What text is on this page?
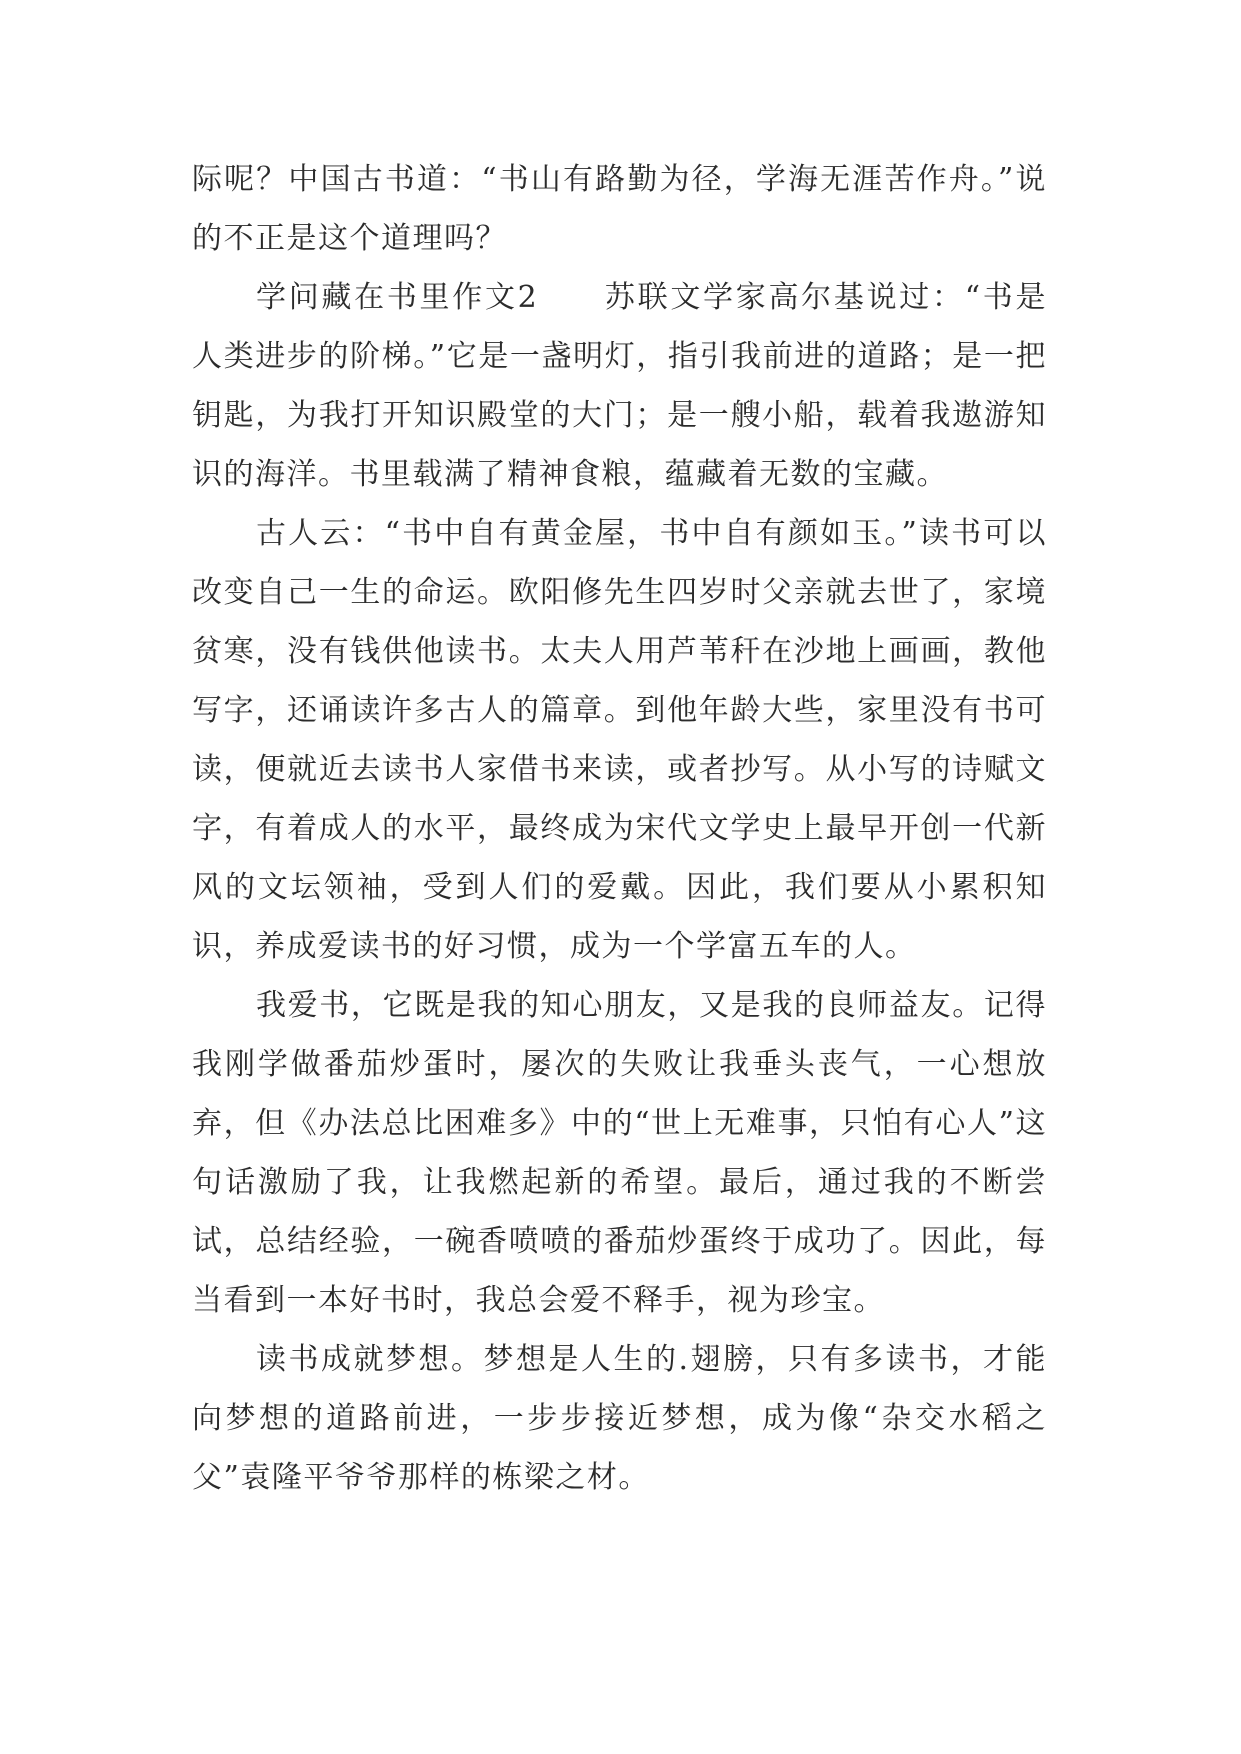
际呢？中国古书道：“书山有路勤为径，学海无涯苦作舟。”说的不正是这个道理吗？

学问藏在书里作文2　　苏联文学家高尔基说过：“书是人类进步的阶梯。”它是一盏明灯，指引我前进的道路；是一把钥匙，为我打开知识殿堂的大门；是一艘小船，载着我遨游知识的海洋。书里载满了精神食粮，蕴藏着无数的宝藏。

古人云：“书中自有黄金屋，书中自有颜如玉。”读书可以改变自己一生的命运。欧阳修先生四岁时父亲就去世了，家境贫寒，没有钱供他读书。太夫人用芦苇秆在沙地上画画，教他写字，还诵读许多古人的篇章。到他年龄大些，家里没有书可读，便就近去读书人家借书来读，或者抄写。从小写的诗赋文字，有着成人的水平，最终成为宋代文学史上最早开创一代新风的文坛领袖，受到人们的爱戴。因此，我们要从小累积知识，养成爱读书的好习惯，成为一个学富五车的人。

我爱书，它既是我的知心朋友，又是我的良师益友。记得我刚学做番茄炒蛋时，屡次的失败让我垂头丧气，一心想放弃，但《办法总比困难多》中的“世上无难事，只怕有心人”这句话激励了我，让我燃起新的希望。最后，通过我的不断尝试，总结经验，一碗香喷喷的番茄炒蛋终于成功了。因此，每当看到一本好书时，我总会爱不释手，视为珍宝。

读书成就梦想。梦想是人生的.翅膀，只有多读书，才能向梦想的道路前进，一步步接近梦想，成为像“杂交水稻之父”袁隆平爷爷那样的栋梁之材。
